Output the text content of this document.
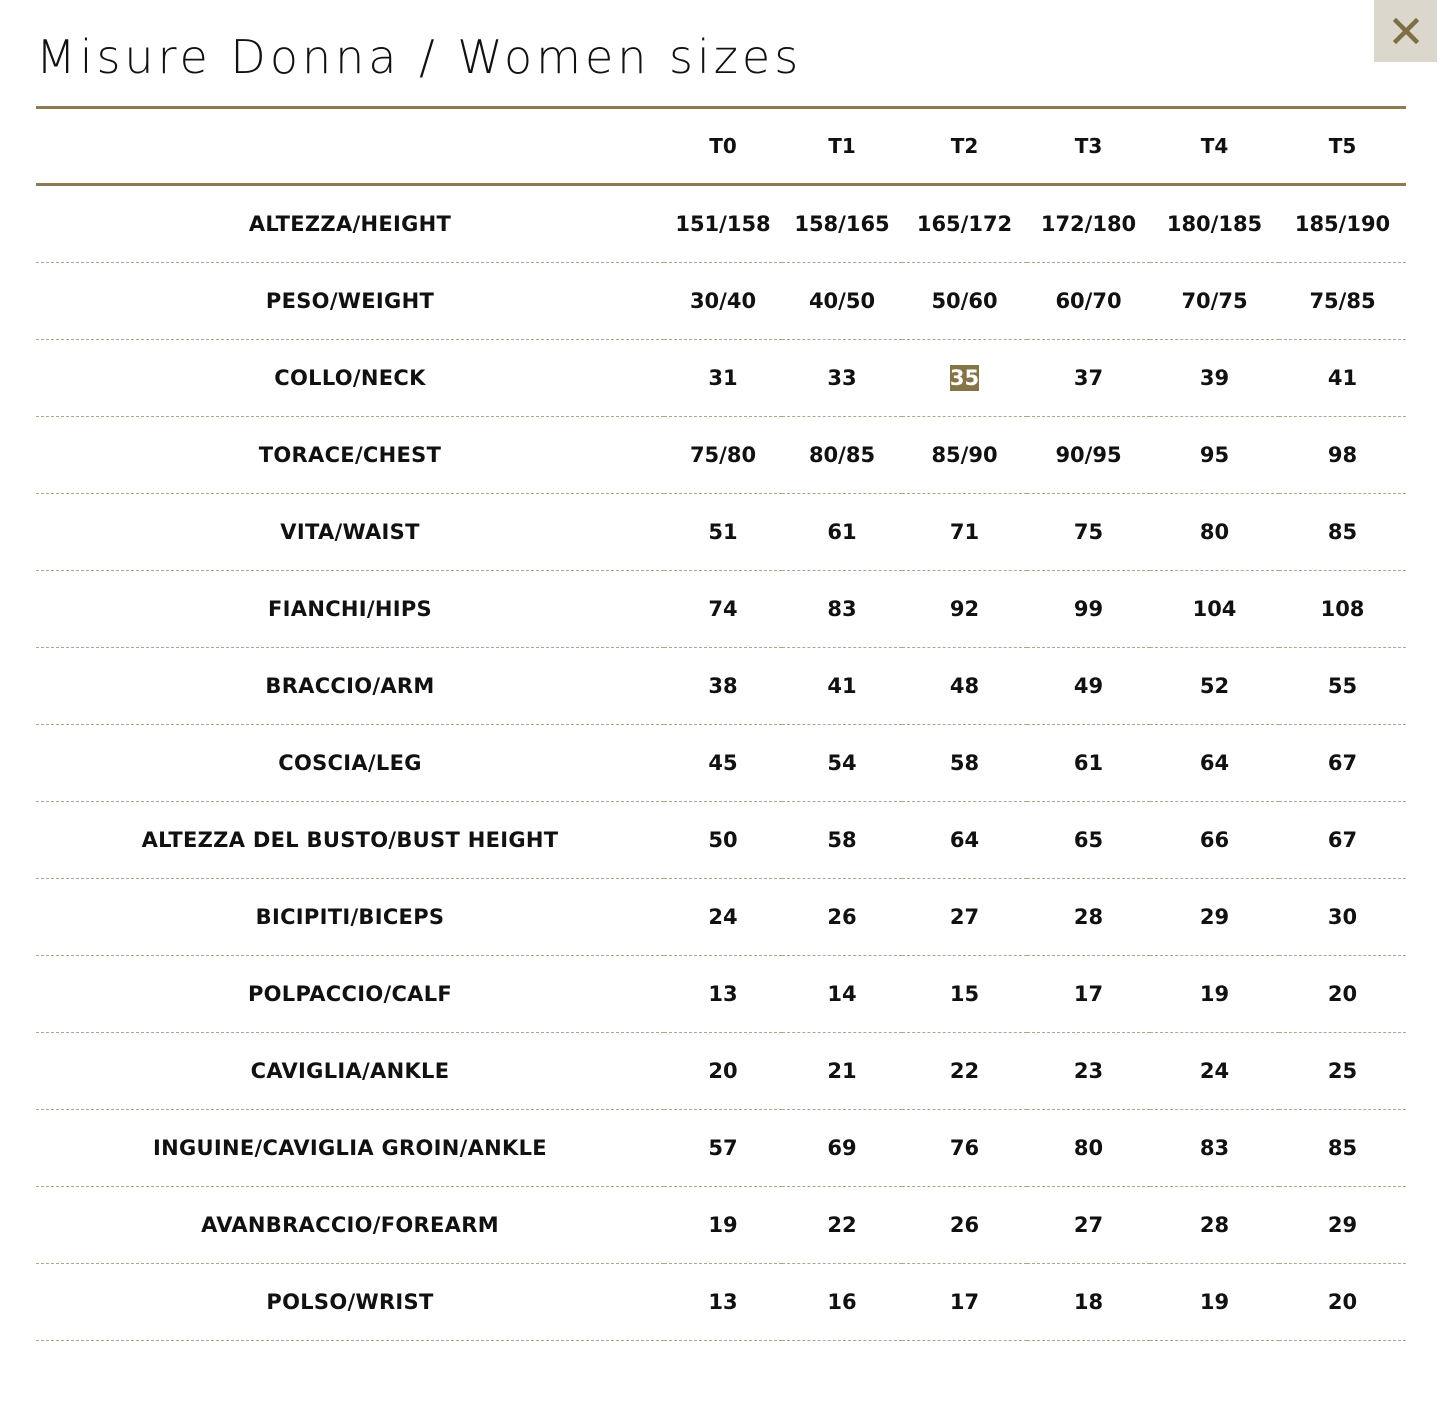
Misure Donna / Women sizes
	T0	T1	T2	T3	T4	T5
ALTEZZA/HEIGHT	151/158	158/165	165/172	172/180	180/185	185/190
PESO/WEIGHT	30/40	40/50	50/60	60/70	70/75	75/85
COLLO/NECK	31	33	35	37	39	41
TORACE/CHEST	75/80	80/85	85/90	90/95	95	98
VITA/WAIST	51	61	71	75	80	85
FIANCHI/HIPS	74	83	92	99	104	108
BRACCIO/ARM	38	41	48	49	52	55
COSCIA/LEG	45	54	58	61	64	67
ALTEZZA DEL BUSTO/BUST HEIGHT	50	58	64	65	66	67
BICIPITI/BICEPS	24	26	27	28	29	30
POLPACCIO/CALF	13	14	15	17	19	20
CAVIGLIA/ANKLE	20	21	22	23	24	25
INGUINE/CAVIGLIA GROIN/ANKLE	57	69	76	80	83	85
AVANBRACCIO/FOREARM	19	22	26	27	28	29
POLSO/WRIST	13	16	17	18	19	20
